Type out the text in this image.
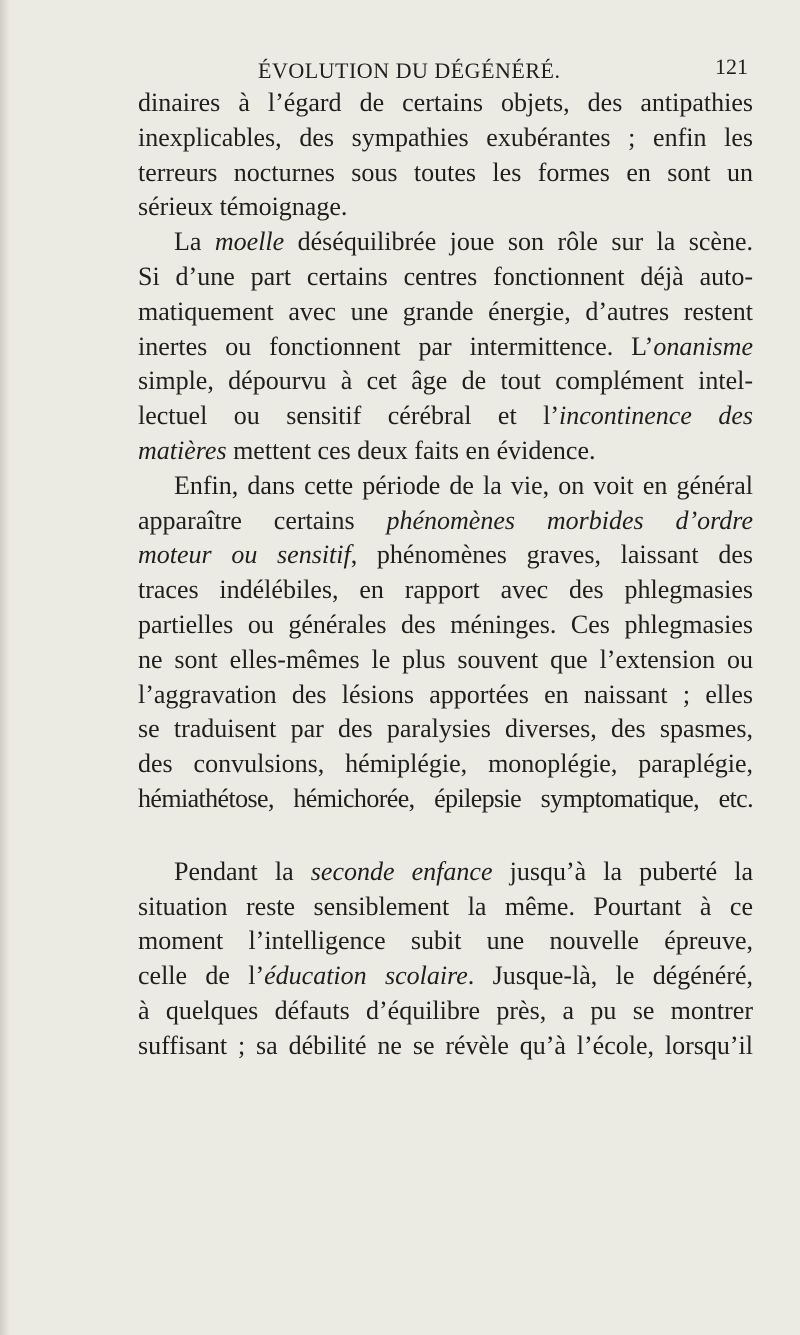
ÉVOLUTION DU DÉGÉNÉRÉ.	121
dinaires à l’égard de certains objets, des antipathies
inexplicables, des sympathies exubérantes ; enfin les
terreurs nocturnes sous toutes les formes en sont un
sérieux témoignage.
La moelle déséquilibrée joue son rôle sur la scène.
Si d’une part certains centres fonctionnent déjà auto-
matiquement avec une grande énergie, d’autres restent
inertes ou fonctionnent par intermittence. L’onanisme
simple, dépourvu à cet âge de tout complément intel-
lectuel ou sensitif cérébral et l’incontinence des
matières mettent ces deux faits en évidence.
Enfin, dans cette période de la vie, on voit en général
apparaître certains phénomènes morbides d’ordre
moteur ou sensitif, phénomènes graves, laissant des
traces indélébiles, en rapport avec des phlegmasies
partielles ou générales des méninges. Ces phlegmasies
ne sont elles-mêmes le plus souvent que l’extension ou
l’aggravation des lésions apportées en naissant ; elles
se traduisent par des paralysies diverses, des spasmes,
des convulsions, hémiplégie, monoplégie, paraplégie,
hémiathétose, hémichorée, épilepsie symptomatique, etc.
Pendant la seconde enfance jusqu’à la puberté la
situation reste sensiblement la même. Pourtant à ce
moment l’intelligence subit une nouvelle épreuve,
celle de l’éducation scolaire. Jusque-là, le dégénéré,
à quelques défauts d’équilibre près, a pu se montrer
suffisant ; sa débilité ne se révèle qu’à l’école, lorsqu’il
